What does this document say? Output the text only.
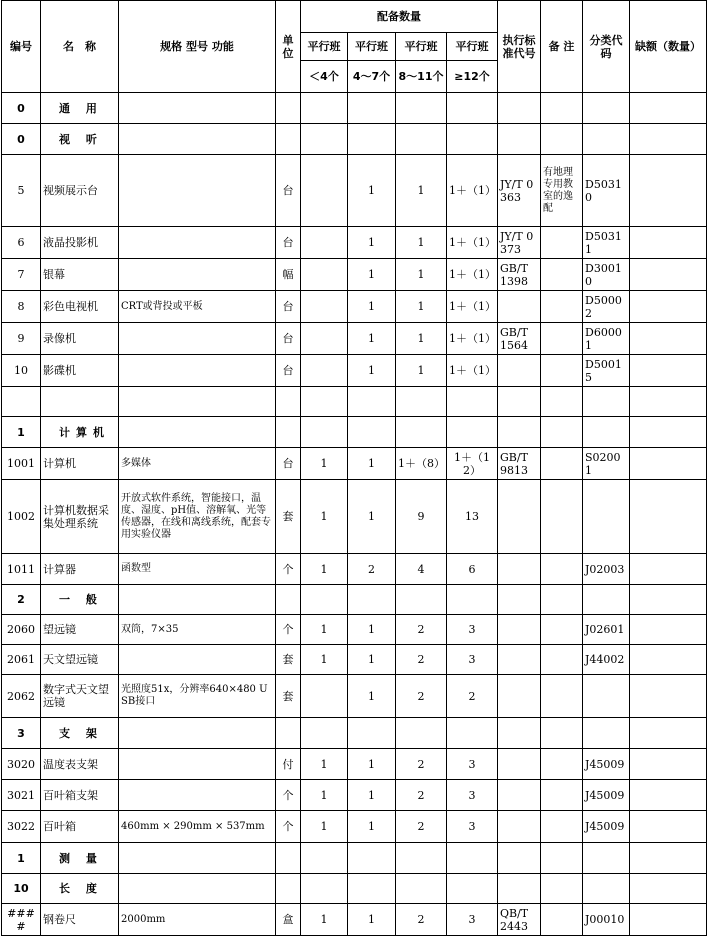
编号	名　称	规格 型号 功能	单位	配备数量				执行标准代号	备 注	分类代码	缺额（数量）
				平行班	平行班	平行班	平行班				
				＜4个	4～7个	8～11个	≥12个				
0	通 用										
0	视 听										
5	视频展示台		台		1	1	1＋（1）	JY/T 0363	有地理专用教室的逸配	D50310	
6	液晶投影机		台		1	1	1＋（1）	JY/T 0373		D50311	
7	银幕		幅		1	1	1＋（1）	GB/T 1398		D30010	
8	彩色电视机	CRT或背投或平板	台		1	1	1＋（1）			D50002	
9	录像机		台		1	1	1＋（1）	GB/T 1564		D60001	
10	影碟机		台		1	1	1＋（1）			D50015	

1	计算机										
1001	计算机	多媒体	台	1	1	1＋（8）	1＋（12）	GB/T 9813		S02001	
1002	计算机数据采集处理系统	开放式软件系统，智能接口，温度、湿度、pH值、溶解氧、光等传感器，在线和离线系统，配套专用实验仪器	套	1	1	9	13				
1011	计算器	函数型	个	1	2	4	6			J02003	
2	一 般										
2060	望远镜	双筒，7×35	个	1	1	2	3			J02601	
2061	天文望远镜		套	1	1	2	3			J44002	
2062	数字式天文望远镜	光照度51x，分辨率640×480 USB接口	套		1	2	2				
3	支 架										
3020	温度表支架		付	1	1	2	3			J45009	
3021	百叶箱支架		个	1	1	2	3			J45009	
3022	百叶箱	460mm × 290mm × 537mm	个	1	1	2	3			J45009	
1	测 量										
10	长 度										
####	钢卷尺	2000mm	盒	1	1	2	3	QB/T 2443		J00010	
